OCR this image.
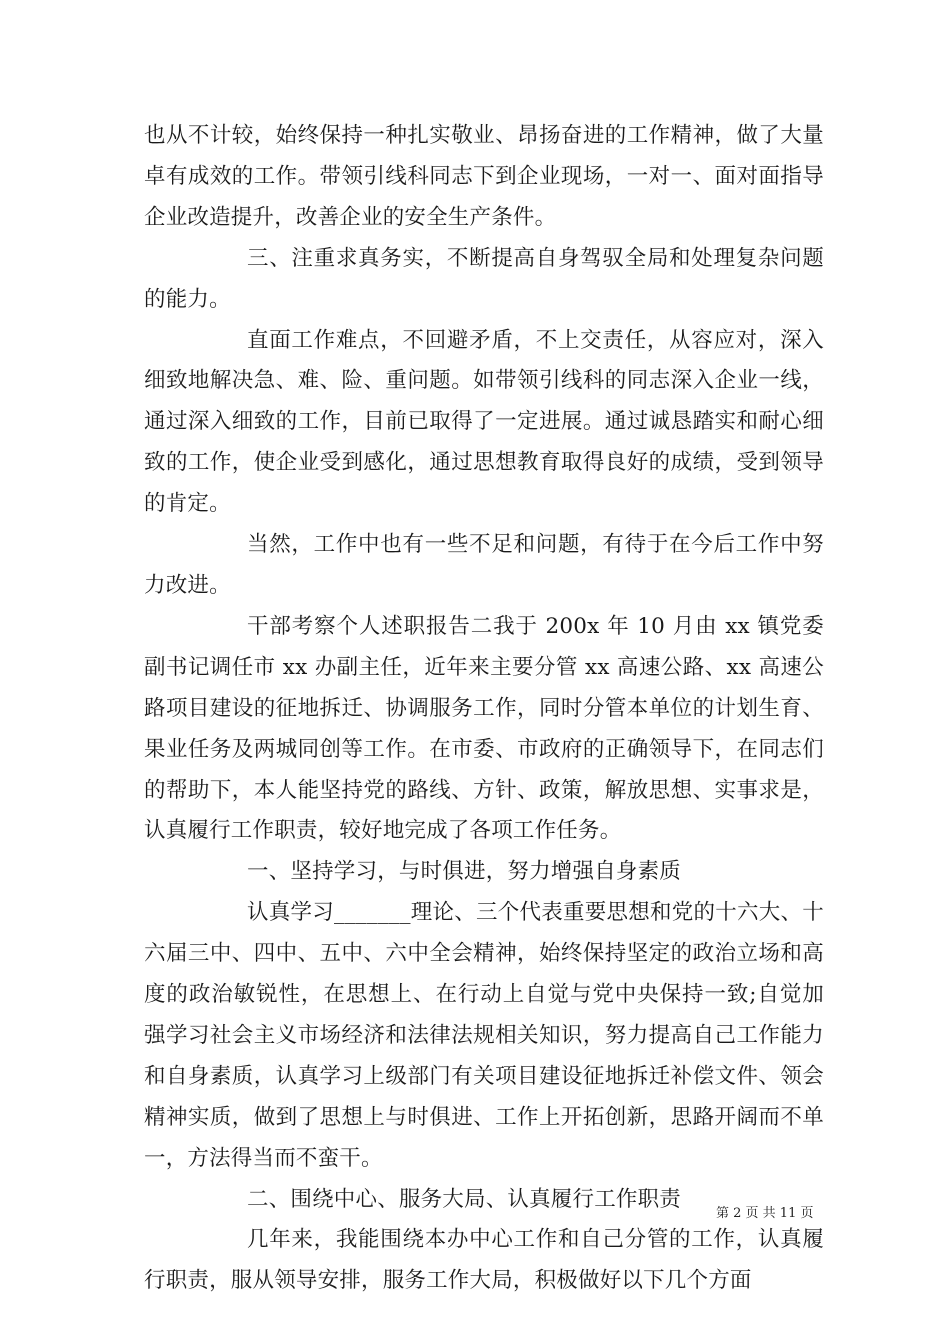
也从不计较，始终保持一种扎实敬业、昂扬奋进的工作精神，做了大量卓有成效的工作。带领引线科同志下到企业现场，一对一、面对面指导企业改造提升，改善企业的安全生产条件。

三、注重求真务实，不断提高自身驾驭全局和处理复杂问题的能力。

直面工作难点，不回避矛盾，不上交责任，从容应对，深入细致地解决急、难、险、重问题。如带领引线科的同志深入企业一线，通过深入细致的工作，目前已取得了一定进展。通过诚恳踏实和耐心细致的工作，使企业受到感化，通过思想教育取得良好的成绩，受到领导的肯定。

当然，工作中也有一些不足和问题，有待于在今后工作中努力改进。

干部考察个人述职报告二我于 200x 年 10 月由 xx 镇党委副书记调任市 xx 办副主任，近年来主要分管 xx 高速公路、xx 高速公路项目建设的征地拆迁、协调服务工作，同时分管本单位的计划生育、果业任务及两城同创等工作。在市委、市政府的正确领导下，在同志们的帮助下，本人能坚持党的路线、方针、政策，解放思想、实事求是，认真履行工作职责，较好地完成了各项工作任务。

一、坚持学习，与时俱进，努力增强自身素质

认真学习_______理论、三个代表重要思想和党的十六大、十六届三中、四中、五中、六中全会精神，始终保持坚定的政治立场和高度的政治敏锐性，在思想上、在行动上自觉与党中央保持一致;自觉加强学习社会主义市场经济和法律法规相关知识，努力提高自己工作能力和自身素质，认真学习上级部门有关项目建设征地拆迁补偿文件、领会精神实质，做到了思想上与时俱进、工作上开拓创新，思路开阔而不单一，方法得当而不蛮干。

二、围绕中心、服务大局、认真履行工作职责

几年来，我能围绕本办中心工作和自己分管的工作，认真履行职责，服从领导安排，服务工作大局，积极做好以下几个方面

第 2 页 共 11 页
